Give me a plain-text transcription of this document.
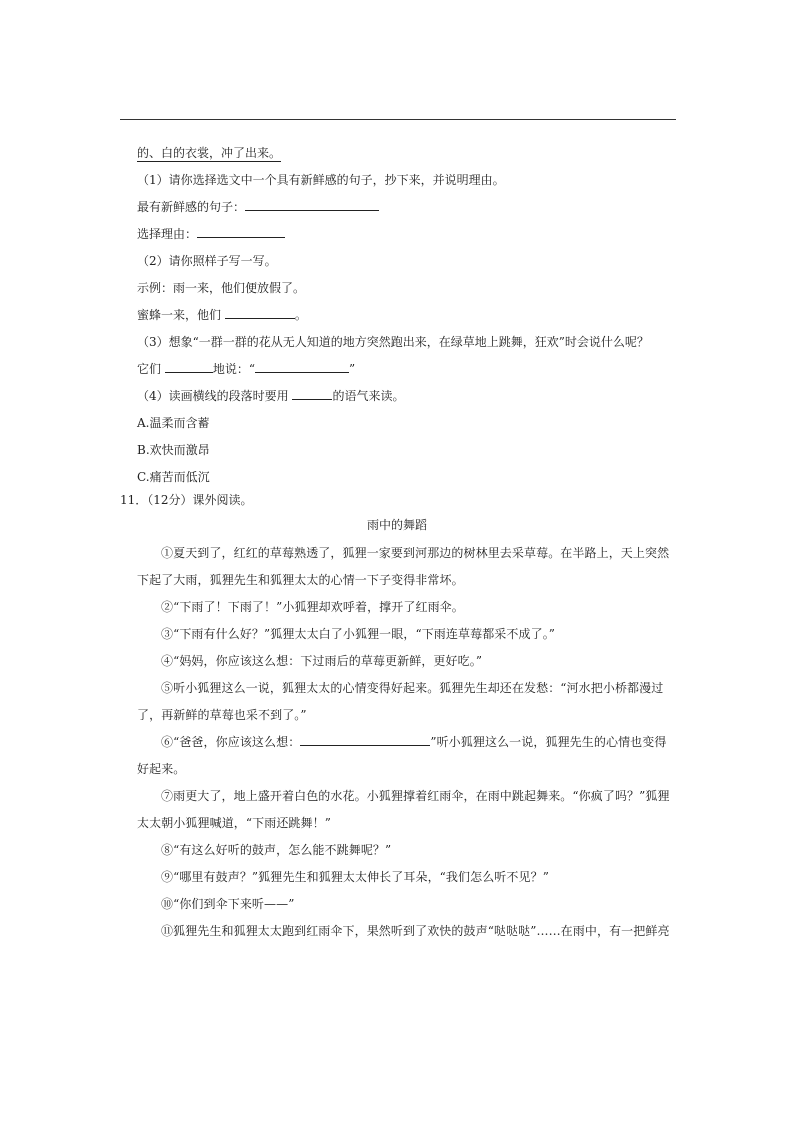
的、白的衣裳，冲了出来。
（1）请你选择选文中一个具有新鲜感的句子，抄下来，并说明理由。
最有新鲜感的句子：
选择理由：
（2）请你照样子写一写。
示例：雨一来，他们便放假了。
蜜蜂一来，他们	。
（3）想象“一群一群的花从无人知道的地方突然跑出来，在绿草地上跳舞，狂欢”时会说什么呢？
它们	地说：“	”
（4）读画横线的段落时要用	的语气来读。
A.温柔而含蓄
B.欢快而激昂
C.痛苦而低沉
11．（12分）课外阅读。
雨中的舞蹈
①夏天到了，红红的草莓熟透了，狐狸一家要到河那边的树林里去采草莓。在半路上，天上突然下起了大雨，狐狸先生和狐狸太太的心情一下子变得非常坏。
②“下雨了！下雨了！”小狐狸却欢呼着，撑开了红雨伞。
③“下雨有什么好？”狐狸太太白了小狐狸一眼，“下雨连草莓都采不成了。”
④“妈妈，你应该这么想：下过雨后的草莓更新鲜，更好吃。”
⑤听小狐狸这么一说，狐狸太太的心情变得好起来。狐狸先生却还在发愁：“河水把小桥都漫过了，再新鲜的草莓也采不到了。”
⑥“爸爸，你应该这么想：	”听小狐狸这么一说，狐狸先生的心情也变得好起来。
⑦雨更大了，地上盛开着白色的水花。小狐狸撑着红雨伞，在雨中跳起舞来。“你疯了吗？”狐狸太太朝小狐狸喊道，“下雨还跳舞！”
⑧“有这么好听的鼓声，怎么能不跳舞呢？”
⑨“哪里有鼓声？”狐狸先生和狐狸太太伸长了耳朵，“我们怎么听不见？”
⑩“你们到伞下来听——”
⑪狐狸先生和狐狸太太跑到红雨伞下，果然听到了欢快的鼓声“哒哒哒”……在雨中，有一把鲜亮
